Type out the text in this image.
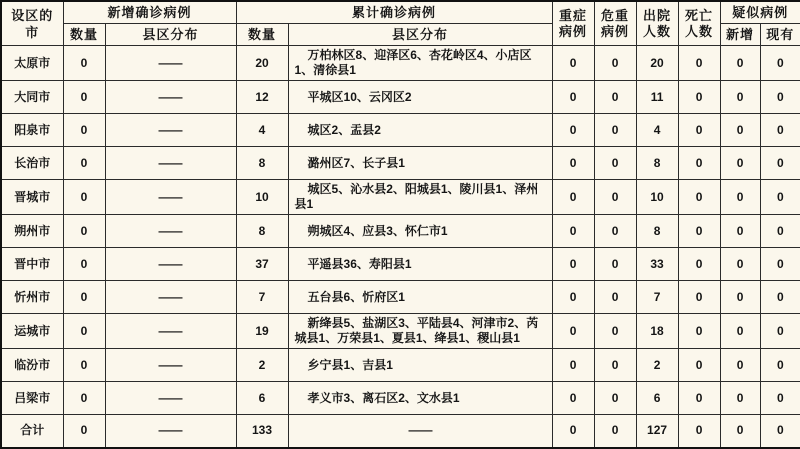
设区的市	新增确诊病例		累计确诊病例		重症病例	危重病例	出院人数	死亡人数	疑似病例	
	数量	县区分布	数量	县区分布					新增	现有
太原市	0	——	20	万柏林区8、迎泽区6、杏花岭区4、小店区1、清徐县1	0	0	20	0	0	0
大同市	0	——	12	平城区10、云冈区2	0	0	11	0	0	0
阳泉市	0	——	4	城区2、盂县2	0	0	4	0	0	0
长治市	0	——	8	潞州区7、长子县1	0	0	8	0	0	0
晋城市	0	——	10	城区5、沁水县2、阳城县1、陵川县1、泽州县1	0	0	10	0	0	0
朔州市	0	——	8	朔城区4、应县3、怀仁市1	0	0	8	0	0	0
晋中市	0	——	37	平遥县36、寿阳县1	0	0	33	0	0	0
忻州市	0	——	7	五台县6、忻府区1	0	0	7	0	0	0
运城市	0	——	19	新绛县5、盐湖区3、平陆县4、河津市2、芮城县1、万荣县1、夏县1、绛县1、稷山县1	0	0	18	0	0	0
临汾市	0	——	2	乡宁县1、吉县1	0	0	2	0	0	0
吕梁市	0	——	6	孝义市3、离石区2、文水县1	0	0	6	0	0	0
合计	0	——	133	——	0	0	127	0	0	0
